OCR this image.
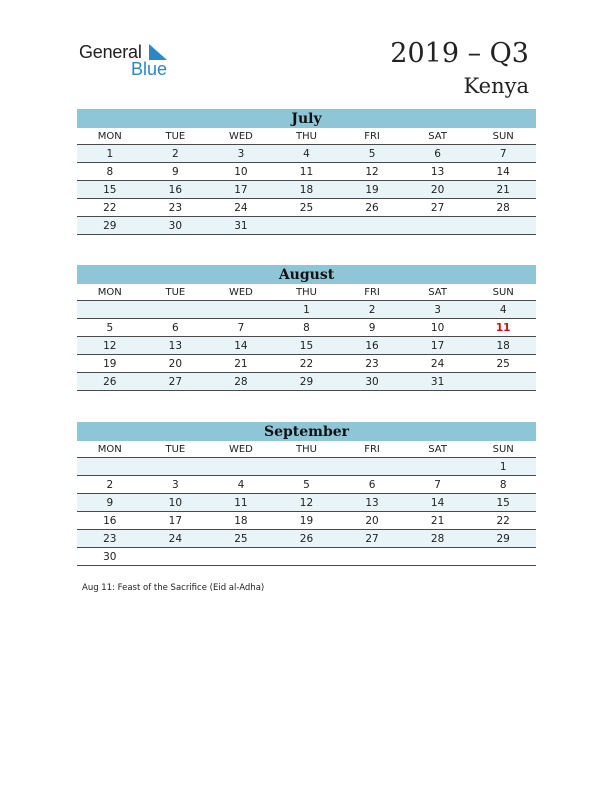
General
Blue	2019 – Q3
Kenya
July
MON	TUE	WED	THU	FRI	SAT	SUN
1	2	3	4	5	6	7
8	9	10	11	12	13	14
15	16	17	18	19	20	21
22	23	24	25	26	27	28
29	30	31				
August
MON	TUE	WED	THU	FRI	SAT	SUN
			1	2	3	4
5	6	7	8	9	10	11
12	13	14	15	16	17	18
19	20	21	22	23	24	25
26	27	28	29	30	31	
September
MON	TUE	WED	THU	FRI	SAT	SUN
						1
2	3	4	5	6	7	8
9	10	11	12	13	14	15
16	17	18	19	20	21	22
23	24	25	26	27	28	29
30						
Aug 11: Feast of the Sacrifice (Eid al-Adha)
